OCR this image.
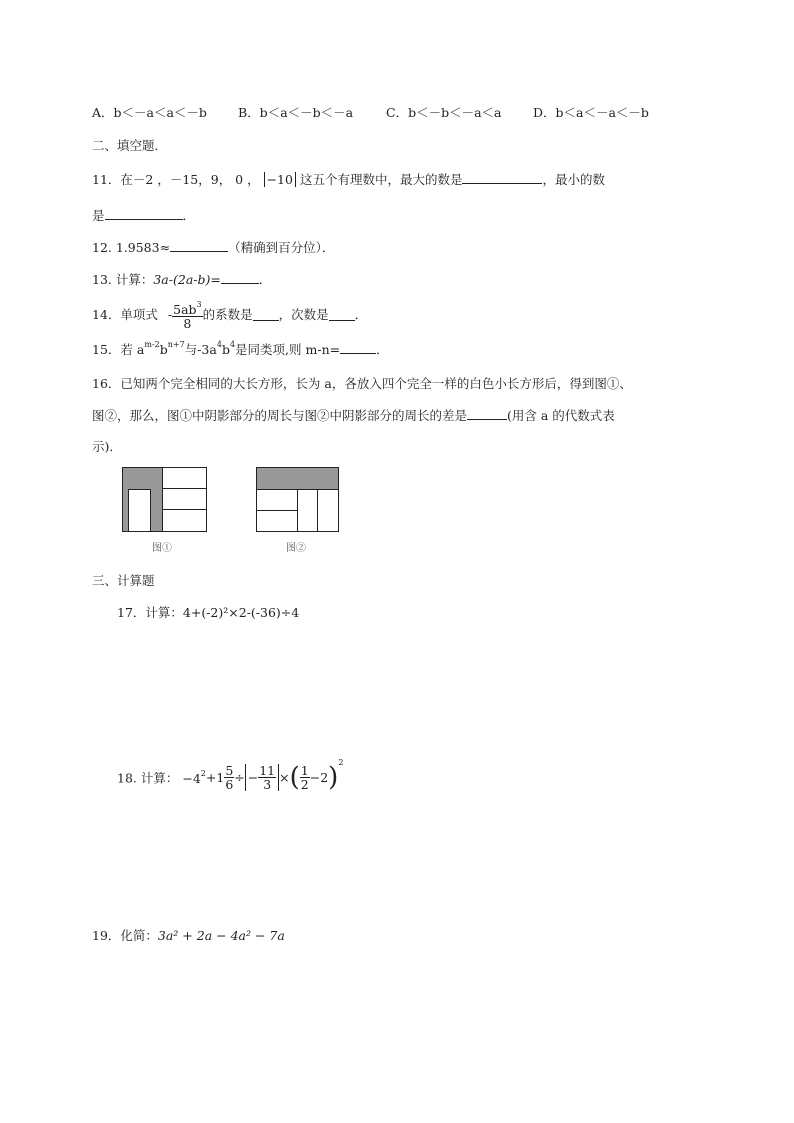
A．b＜－a＜a＜－b B．b＜a＜－b＜－a	C．b＜－b＜－a＜a	D．b＜a＜－a＜－b
二、填空题．
11．在－2 ，－15，9， 0 ， −10 这五个有理数中，最大的数是	，最小的数
是	．
12. 1.9583≈	（精确到百分位）．
13. 计算：3a-(2a-b)=	．
14．单项式 - $\frac{5ab^3}{8}$ 的系数是 ，次数是 ．
15．若 $a^{m-2}b^{n+7}$与$-3a^4b^4$是同类项,则 m-n=	．
16．已知两个完全相同的大长方形，长为 a，各放入四个完全一样的白色小长方形后，得到图①、
图②，那么，图①中阴影部分的周长与图②中阴影部分的周长的差是	(用含 a 的代数式表
示)．
图①	图②
三、计算题
17．计算：4+(-2)²×2-(-36)÷4
18. 计算： $-4^2+1 \frac{5}{6}$ ÷ − $\frac{11}{3}$ ×( $\frac{1}{2} -2)^2$
19．化简：3a² + 2a − 4a² − 7a
